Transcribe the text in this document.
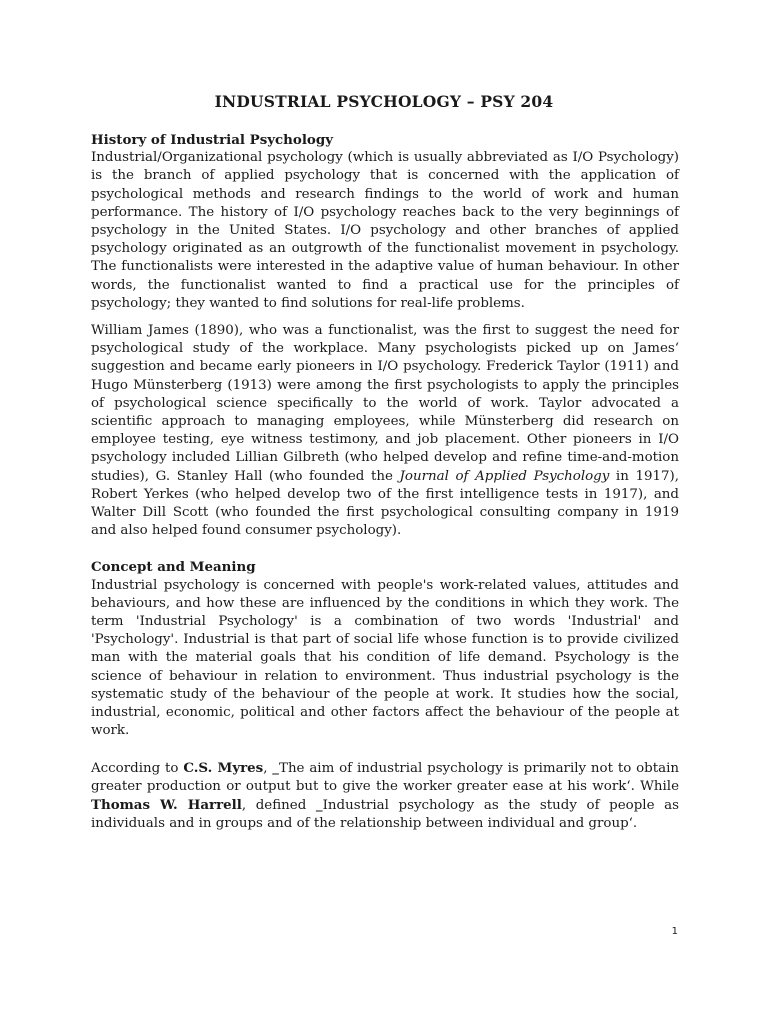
INDUSTRIAL PSYCHOLOGY – PSY 204
History of Industrial Psychology

Industrial/Organizational psychology (which is usually abbreviated as I/O Psychology) is the branch of applied psychology that is concerned with the application of psychological methods and research findings to the world of work and human performance. The history of I/O psychology reaches back to the very beginnings of psychology in the United States. I/O psychology and other branches of applied psychology originated as an outgrowth of the functionalist movement in psychology. The functionalists were interested in the adaptive value of human behaviour. In other words, the functionalist wanted to find a practical use for the principles of psychology; they wanted to find solutions for real-life problems.

William James (1890), who was a functionalist, was the first to suggest the need for psychological study of the workplace. Many psychologists picked up on James‘ suggestion and became early pioneers in I/O psychology. Frederick Taylor (1911) and Hugo Münsterberg (1913) were among the first psychologists to apply the principles of psychological science specifically to the world of work. Taylor advocated a scientific approach to managing employees, while Münsterberg did research on employee testing, eye witness testimony, and job placement. Other pioneers in I/O psychology included Lillian Gilbreth (who helped develop and refine time-and-motion studies), G. Stanley Hall (who founded the Journal of Applied Psychology in 1917), Robert Yerkes (who helped develop two of the first intelligence tests in 1917), and Walter Dill Scott (who founded the first psychological consulting company in 1919 and also helped found consumer psychology).

Concept and Meaning

Industrial psychology is concerned with people's work-related values, attitudes and behaviours, and how these are influenced by the conditions in which they work. The term 'Industrial Psychology' is a combination of two words 'Industrial' and 'Psychology'. Industrial is that part of social life whose function is to provide civilized man with the material goals that his condition of life demand. Psychology is the science of behaviour in relation to environment. Thus industrial psychology is the systematic study of the behaviour of the people at work. It studies how the social, industrial, economic, political and other factors affect the behaviour of the people at work.

According to C.S. Myres, ‗The aim of industrial psychology is primarily not to obtain greater production or output but to give the worker greater ease at his work‘. While Thomas W. Harrell, defined ‗Industrial psychology as the study of people as individuals and in groups and of the relationship between individual and group‘.

1
